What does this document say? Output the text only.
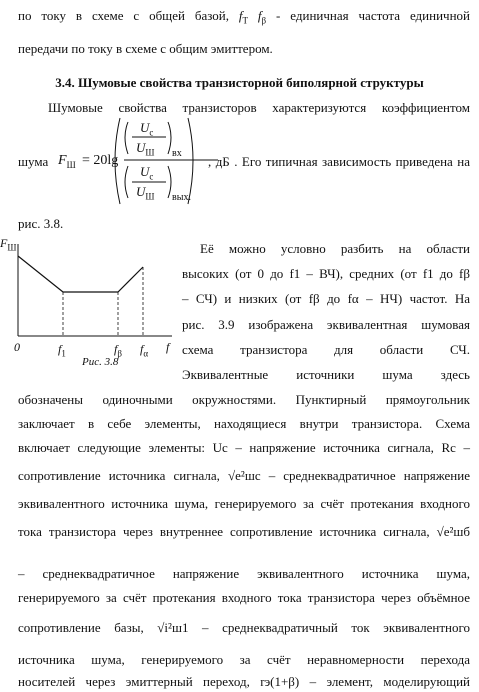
по току в схеме с общей базой, $f_T$ $f_\beta$ - единичная частота единичной
передачи по току в схеме с общим эмиттером.
3.4. Шумовые свойства транзисторной биполярной структуры
Шумовые свойства транзисторов характеризуются коэффициентом
шума $F_Ш = 20\lg$
$U_с$
$U_Ш$ вх
$U_с$
$U_Ш$ вых.
, дБ . Его типичная зависимость приведена на
рис. 3.8.
$F_Ш$
0	$f_1$	$f_\beta$ $f_\alpha$ f
Рис. 3.8
Её можно условно разбить на области
высоких (от 0 до f1 – ВЧ), средних (от f1 до fβ
– СЧ) и низких (от fβ до fα – НЧ) частот. На
рис. 3.9 изображена эквивалентная шумовая
схема транзистора для области СЧ.
Эквивалентные источники шума здесь
обозначены одиночными окружностями. Пунктирный прямоугольник
заключает в себе элементы, находящиеся внутри транзистора. Схема
включает следующие элементы: Uс – напряжение источника сигнала, Rс –
сопротивление источника сигнала, √e²шс – среднеквадратичное напряжение
эквивалентного источника шума, генерируемого за счёт протекания входного
тока транзистора через внутреннее сопротивление источника сигнала, √e²шб
– среднеквадратичное напряжение эквивалентного источника шума,
генерируемого за счёт протекания входного тока транзистора через объёмное
сопротивление базы, √i²ш1 – среднеквадратичный ток эквивалентного
источника шума, генерируемого за счёт неравномерности перехода
носителей через эмиттерный переход, rэ(1+β) – элемент, моделирующий
